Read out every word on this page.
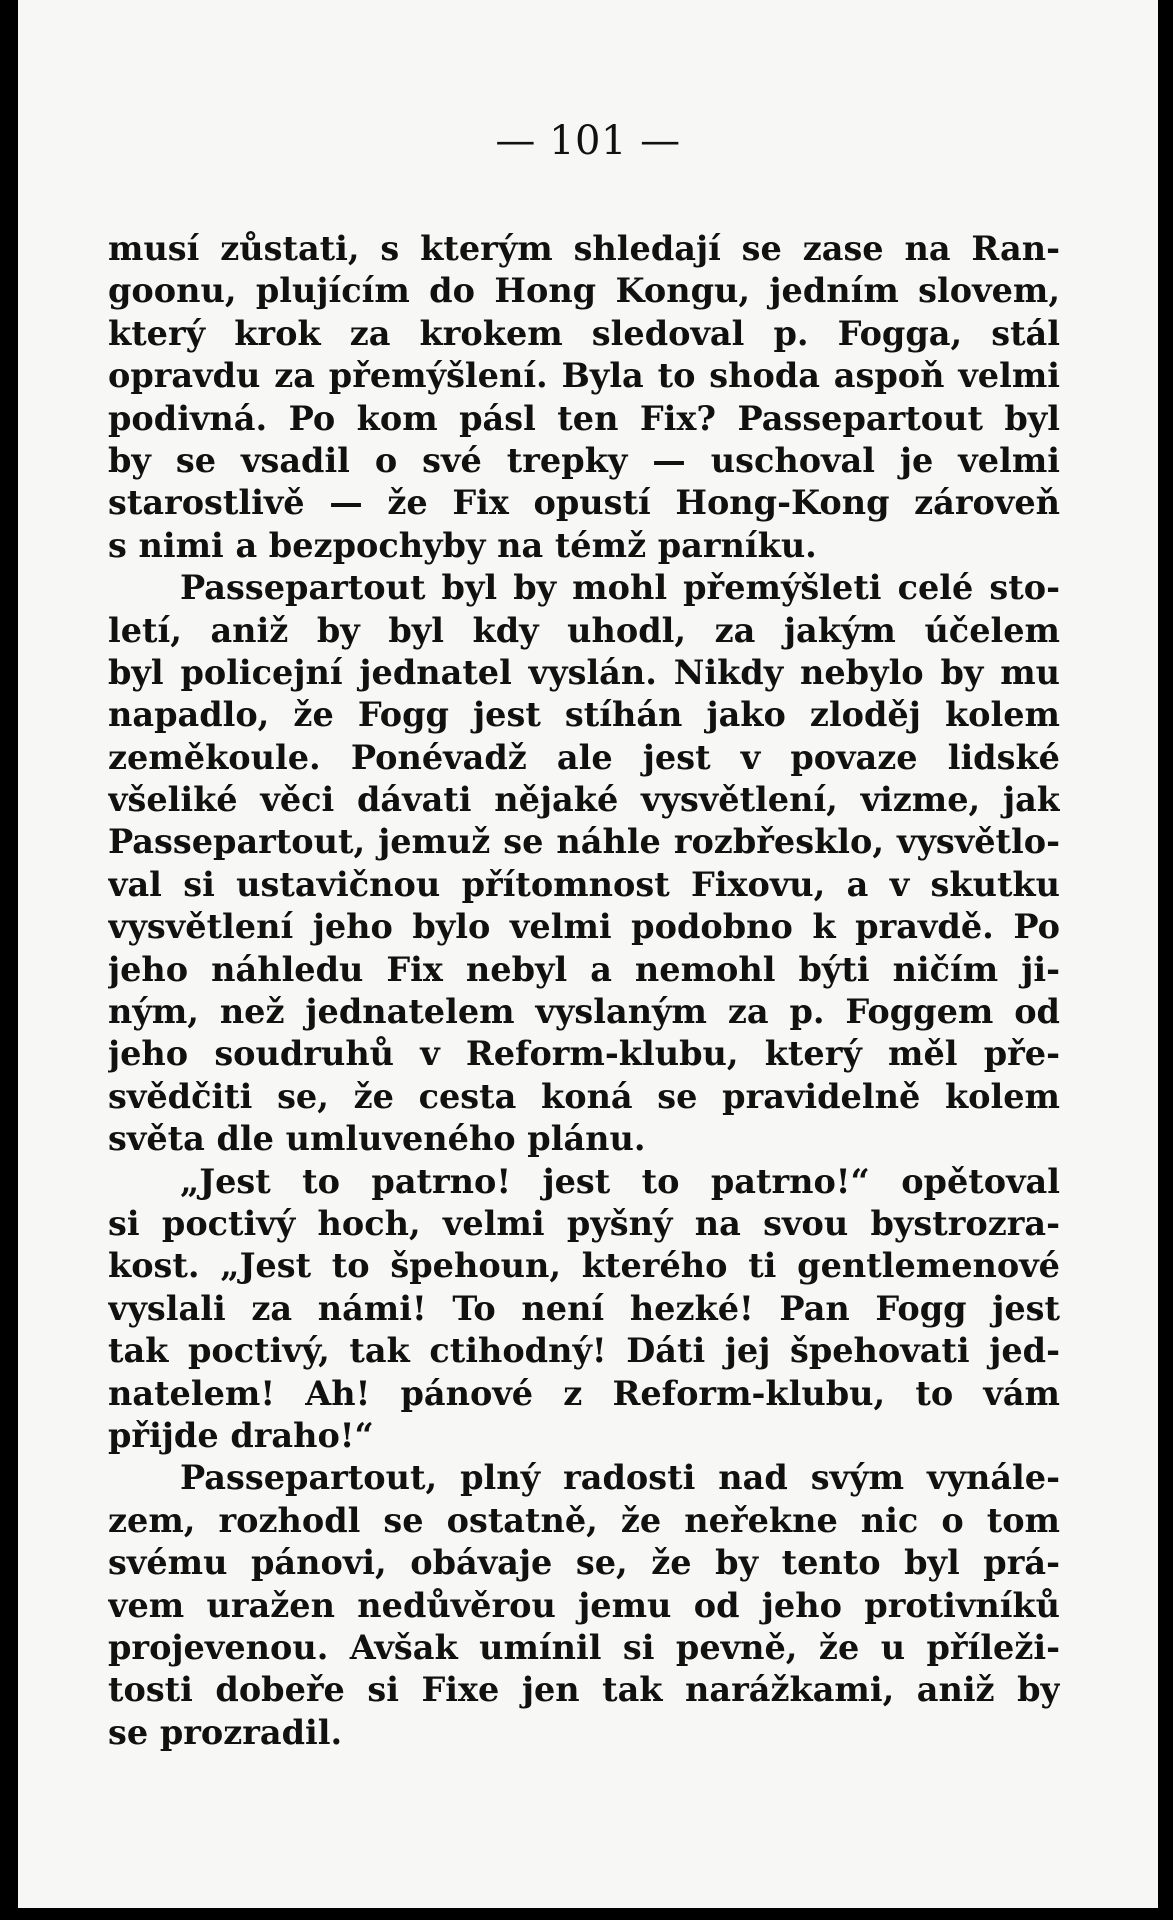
— 101 —
musí zůstati, s kterým shledají se zase na Ran-
goonu, plujícím do Hong Kongu, jedním slovem,
který krok za krokem sledoval p. Fogga, stál
opravdu za přemýšlení. Byla to shoda aspoň velmi
podivná. Po kom pásl ten Fix? Passepartout byl
by se vsadil o své trepky — uschoval je velmi
starostlivě — že Fix opustí Hong-Kong zároveň
s nimi a bezpochyby na témž parníku.
Passepartout byl by mohl přemýšleti celé sto-
letí, aniž by byl kdy uhodl, za jakým účelem
byl policejní jednatel vyslán. Nikdy nebylo by mu
napadlo, že Fogg jest stíhán jako zloděj kolem
zeměkoule. Ponévadž ale jest v povaze lidské
všeliké věci dávati nějaké vysvětlení, vizme, jak
Passepartout, jemuž se náhle rozbřesklo, vysvětlo-
val si ustavičnou přítomnost Fixovu, a v skutku
vysvětlení jeho bylo velmi podobno k pravdě. Po
jeho náhledu Fix nebyl a nemohl býti ničím ji-
ným, než jednatelem vyslaným za p. Foggem od
jeho soudruhů v Reform-klubu, který měl pře-
svědčiti se, že cesta koná se pravidelně kolem
světa dle umluveného plánu.
„Jest to patrno! jest to patrno!“ opětoval
si poctivý hoch, velmi pyšný na svou bystrozra-
kost. „Jest to špehoun, kterého ti gentlemenové
vyslali za námi! To není hezké! Pan Fogg jest
tak poctivý, tak ctihodný! Dáti jej špehovati jed-
natelem! Ah! pánové z Reform-klubu, to vám
přijde draho!“
Passepartout, plný radosti nad svým vynále-
zem, rozhodl se ostatně, že neřekne nic o tom
svému pánovi, obávaje se, že by tento byl prá-
vem uražen nedůvěrou jemu od jeho protivníků
projevenou. Avšak umínil si pevně, že u příleži-
tosti dobeře si Fixe jen tak narážkami, aniž by
se prozradil.
